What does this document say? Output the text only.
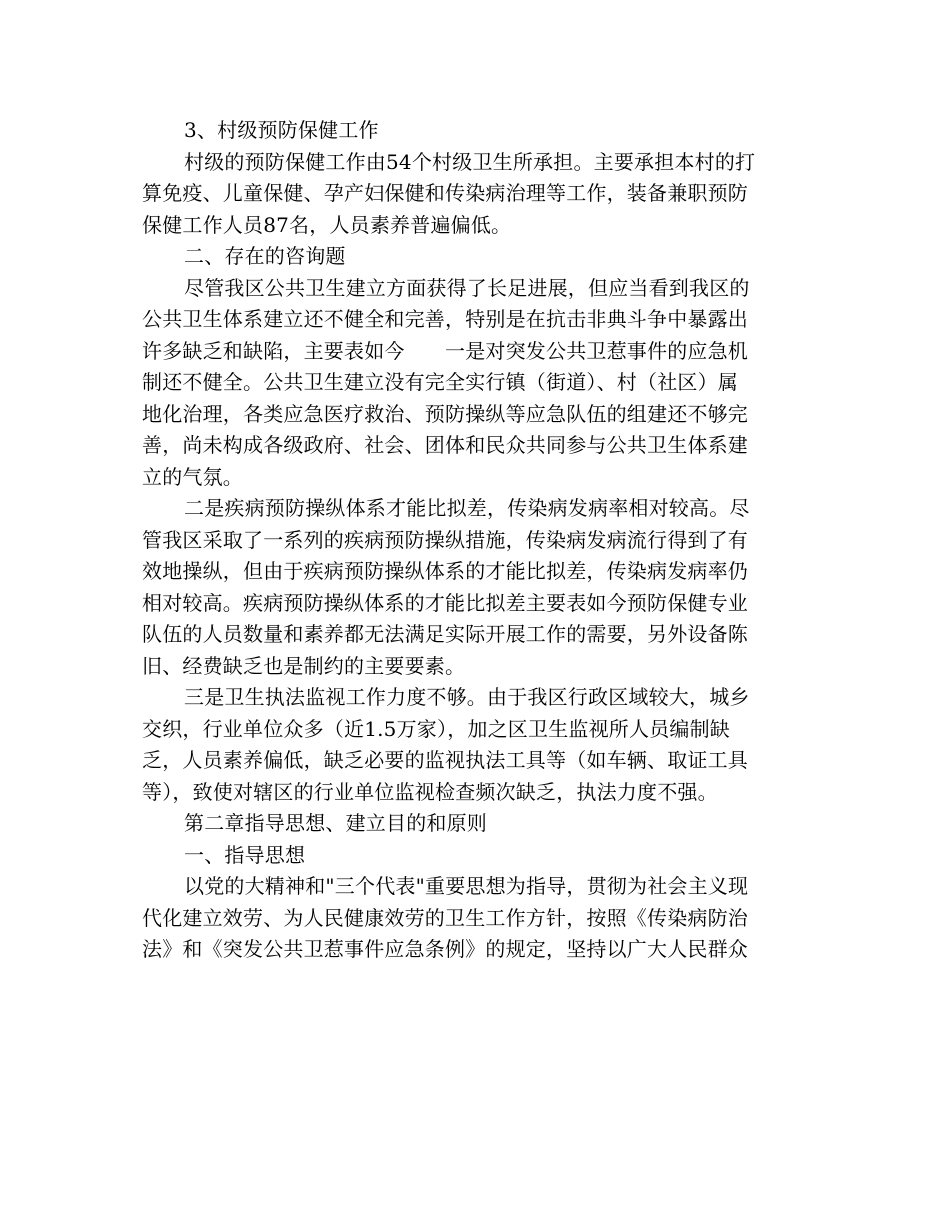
3、村级预防保健工作
村级的预防保健工作由54个村级卫生所承担。主要承担本村的打
算免疫、儿童保健、孕产妇保健和传染病治理等工作，装备兼职预防
保健工作人员87名，人员素养普遍偏低。
二、存在的咨询题
尽管我区公共卫生建立方面获得了长足进展，但应当看到我区的
公共卫生体系建立还不健全和完善，特别是在抗击非典斗争中暴露出
许多缺乏和缺陷，主要表如今　　一是对突发公共卫惹事件的应急机
制还不健全。公共卫生建立没有完全实行镇（街道）、村（社区）属
地化治理，各类应急医疗救治、预防操纵等应急队伍的组建还不够完
善，尚未构成各级政府、社会、团体和民众共同参与公共卫生体系建
立的气氛。
二是疾病预防操纵体系才能比拟差，传染病发病率相对较高。尽
管我区采取了一系列的疾病预防操纵措施，传染病发病流行得到了有
效地操纵，但由于疾病预防操纵体系的才能比拟差，传染病发病率仍
相对较高。疾病预防操纵体系的才能比拟差主要表如今预防保健专业
队伍的人员数量和素养都无法满足实际开展工作的需要，另外设备陈
旧、经费缺乏也是制约的主要要素。
三是卫生执法监视工作力度不够。由于我区行政区域较大，城乡
交织，行业单位众多（近1.5万家），加之区卫生监视所人员编制缺
乏，人员素养偏低，缺乏必要的监视执法工具等（如车辆、取证工具
等），致使对辖区的行业单位监视检查频次缺乏，执法力度不强。
第二章指导思想、建立目的和原则
一、指导思想
以党的大精神和"三个代表"重要思想为指导，贯彻为社会主义现
代化建立效劳、为人民健康效劳的卫生工作方针，按照《传染病防治
法》和《突发公共卫惹事件应急条例》的规定，坚持以广大人民群众
